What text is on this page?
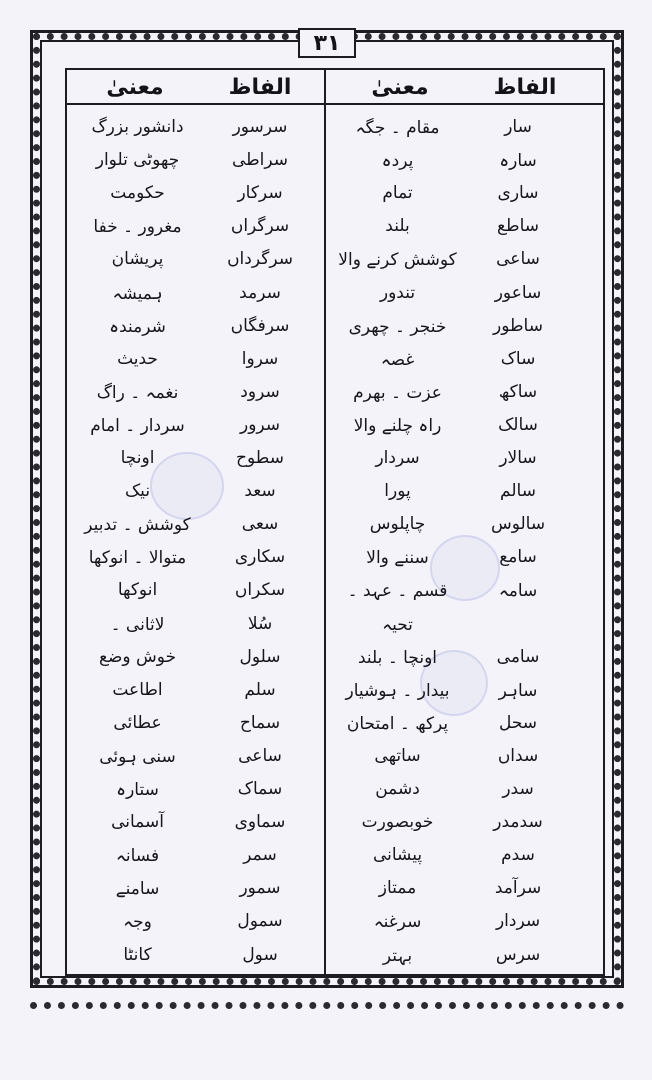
۳۱
الفاظ
معنیٰ
الفاظ
معنیٰ
سار
مقام ۔ جگہ
سارہ
پردہ
ساری
تمام
ساطع
بلند
ساعی
کوشش کرنے والا
ساعور
تندور
ساطور
خنجر ۔ چھری
ساک
غصہ
ساکھ
عزت ۔ بھرم
سالک
راہ چلنے والا
سالار
سردار
سالم
پورا
سالوس
چاپلوس
سامع
سننے والا
سامہ
قسم ۔ عہد ۔
تحیہ
سامی
اونچا ۔ بلند
ساہر
بیدار ۔ ہوشیار
سحل
پرکھ ۔ امتحان
سداں
ساتھی
سدر
دشمن
سدمدر
خوبصورت
سدم
پیشانی
سرآمد
ممتاز
سردار
سرغنہ
سرس
بہتر
سرسور
دانشور بزرگ
سراطی
چھوٹی تلوار
سرکار
حکومت
سرگراں
مغرور ۔ خفا
سرگرداں
پریشان
سرمد
ہمیشہ
سرفگاں
شرمندہ
سروا
حدیث
سرود
نغمہ ۔ راگ
سرور
سردار ۔ امام
سطوح
اونچا
سعد
نیک
سعی
کوشش ۔ تدبیر
سکاری
متوالا ۔ انوکھا
سکراں
انوکھا
سُلا
لاثانی ۔
سلول
خوش وضع
سلم
اطاعت
سماح
عطائی
ساعی
سنی ہوئی
سماک
ستارہ
سماوی
آسمانی
سمر
فسانہ
سمور
سامنے
سمول
وجہ
سول
کانٹا
